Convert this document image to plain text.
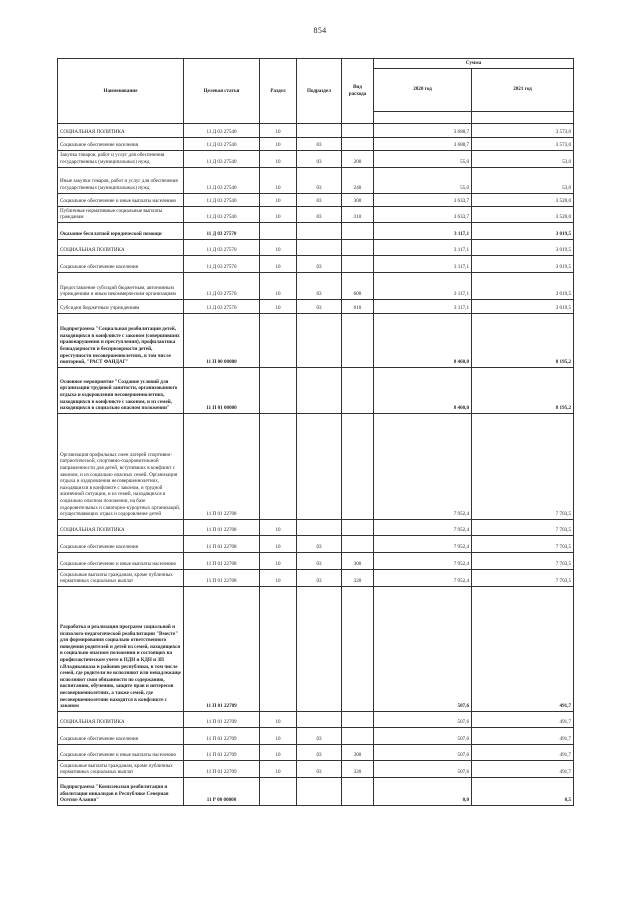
854
Наименование	Целевая статья	Раздел	Подраздел	Вид расхода	Сумма	
					2020 год	2021 год

СОЦИАЛЬНАЯ ПОЛИТИКА	11 Д 03 27540	10			3 688,7	3 573,0
Социальное обеспечение населения	11 Д 03 27540	10	03		3 688,7	3 573,0
Закупка товаров, работ и услуг для обеспечения государственных (муниципальных) нужд	11 Д 03 27540	10	03	200	55,0	53,0
Иные закупки товаров, работ и услуг для обеспечения государственных (муниципальных) нужд	11 Д 03 27540	10	03	240	55,0	53,0
Социальное обеспечение и иные выплаты населению	11 Д 03 27540	10	03	300	3 633,7	3 520,0
Публичные нормативные социальные выплаты гражданам	11 Д 03 27540	10	03	310	3 633,7	3 520,0
Оказание бесплатной юридической помощи	11 Д 03 27570				3 117,1	3 019,5
СОЦИАЛЬНАЯ ПОЛИТИКА	11 Д 03 27570	10			3 117,1	3 019,5
Социальное обеспечение населения	11 Д 03 27570	10	03		3 117,1	3 019,5
Предоставление субсидий бюджетным, автономным учреждениям и иным некоммерческим организациям	11 Д 03 27570	10	03	600	3 117,1	3 019,5
Субсидии бюджетным учреждениям	11 Д 03 27570	10	03	610	3 117,1	3 019,5
Подпрограмма "Социальная реабилитация детей, находящихся в конфликте с законом (совершивших правонарушения и преступления), профилактика безнадзорности и беспризорности детей, преступности несовершеннолетних, в том числе повторной, "РАСТ ФАНДАГ"	11 П 00 00000				8 460,0	8 195,2
Основное мероприятие "Создание условий для организации трудовой занятости, организованного отдыха и оздоровления несовершеннолетних, находящихся в конфликте с законом, и из семей, находящихся в социально опасном положении"	11 П 01 00000				8 460,0	8 195,2
Организация профильных смен лагерей спортивно-патриотической, спортивно-оздоровительной направленности для детей, вступивших в конфликт с законом, и из социально опасных семей. Организация отдыха и оздоровления несовершеннолетних, находящихся в конфликте с законом, и трудной жизненной ситуации, и из семей, находящихся в социально опасном положении, на базе оздоровительных и санаторно-курортных организаций, осуществляющих отдых и оздоровление детей	11 П 01 22708				7 952,4	7 703,5
СОЦИАЛЬНАЯ ПОЛИТИКА	11 П 01 22708	10			7 952,4	7 703,5
Социальное обеспечение населения	11 П 01 22708	10	03		7 952,4	7 703,5
Социальное обеспечение и иные выплаты населению	11 П 01 22708	10	03	300	7 952,4	7 703,5
Социальные выплаты гражданам, кроме публичных нормативных социальных выплат	11 П 01 22708	10	03	320	7 952,4	7 703,5
Разработка и реализация программ социальной и психолого-педагогической реабилитации "Вместе" для формирования социально ответственного поведения родителей и детей из семей, находящихся в социально опасном положении и состоящих на профилактическом учете в ПДН и КДН и ЗП г.Владикавказа и районов республики, в том числе семей, где родители не исполняют или ненадлежаще исполняют свои обязанности по содержанию, воспитанию, обучению, защите прав и интересов несовершеннолетних, а также семей, где несовершеннолетние находятся в конфликте с законом	11 П 01 22709				507,6	491,7
СОЦИАЛЬНАЯ ПОЛИТИКА	11 П 01 22709	10			507,6	491,7
Социальное обеспечение населения	11 П 01 22709	10	03		507,6	491,7
Социальное обеспечение и иные выплаты населению	11 П 01 22709	10	03	300	507,6	491,7
Социальные выплаты гражданам, кроме публичных нормативных социальных выплат	11 П 01 22709	10	03	320	507,6	491,7
Подпрограмма "Комплексная реабилитация и абилитация инвалидов в Республике Северная Осетия-Алания"	11 Р 00 00000				0,0	0,5
